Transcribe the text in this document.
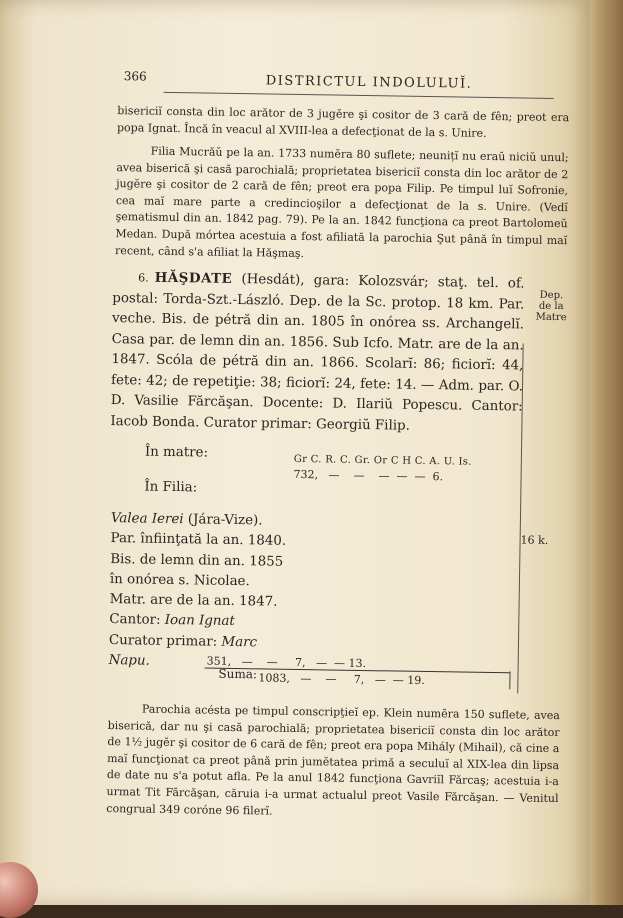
366	DISTRICTUL INDOLULUĬ.
bisericiĭ consta din loc arător de 3 jugĕre şi cositor de 3 cară de fên; preot era popa Ignat. Încă în veacul al XVIII-lea a defecţionat de la s. Unire.
Filia Mucrăŭ pe la an. 1733 numĕra 80 suflete; neunițĭ nu eraŭ niciŭ unul; avea biserică şi casă parochială; proprietatea bisericiĭ consta din loc arător de 2 jugĕre şi cositor de 2 cară de fên; preot era popa Filip. Pe timpul luĭ Sofronie, cea maĭ mare parte a credincioşilor a defecţionat de la s. Unire. (Vedĭ şematismul din an. 1842 pag. 79). Pe la an. 1842 funcţiona ca preot Bartolomeŭ Medan. După mórtea acestuia a fost afiliată la parochia Şut până în timpul maĭ recent, când s'a afiliat la Hăşmaş.
6. HĂŞDATE (Hesdát), gara: Kolozsvár; staţ. tel. of. postal: Torda-Szt.-László. Dep. de la Sc. protop. 18 km. Par. veche. Bis. de pétră din an. 1805 în onórea ss. Archangelĭ. Casa par. de lemn din an. 1856. Sub Icfo. Matr. are de la an. 1847. Scóla de pétră din an. 1866. Scolarĭ: 86; ficiorĭ: 44, fete: 42; de repetiţie: 38; ficiorĭ: 24, fete: 14. — Adm. par. O. D. Vasilie Fărcăşan. Docente: D. Ilariŭ Popescu. Cantor: Iacob Bonda. Curator primar: Georgiŭ Filip.
Dep. de la Matre
În matre:
În Filia:
Gr C. R. C. Gr. Or C H C. A. U. Is.
732,   —    —    —  —  —  6.
Valea Ierei (Jára-Vize). Par. înfiinţată la an. 1840. Bis. de lemn din an. 1855 în onórea s. Nicolae. Matr. are de la an. 1847. Cantor: Ioan Ignat Curator primar: Marc Napu.
16 k.
351,   —    —     7,   —  — 13.
Suma: 1083,   —    —     7,   —  — 19.
Parochia acésta pe timpul conscripţieĭ ep. Klein numĕra 150 suflete, avea biserică, dar nu şi casă parochială; proprietatea bisericiĭ consta din loc arător de 1½ jugĕr şi cositor de 6 cară de fên; preot era popa Mihály (Mihail), că cine a maĭ funcţionat ca preot până prin jumĕtatea primă a seculuĭ al XIX-lea din lipsa de date nu s'a potut afla. Pe la anul 1842 funcţiona Gavriĭl Fărcaş; acestuia i-a urmat Tit Fărcăşan, căruia i-a urmat actualul preot Vasile Fărcăşan. — Venitul congrual 349 coróne 96 filerĭ.
